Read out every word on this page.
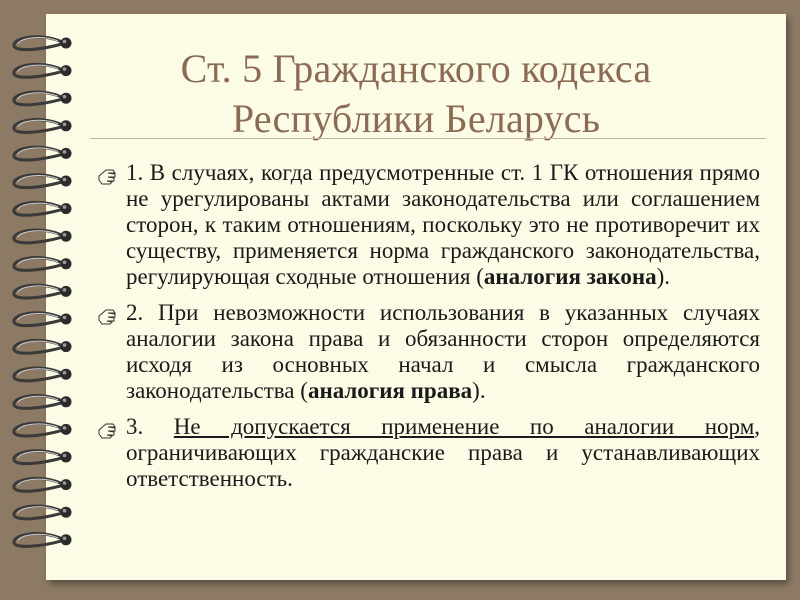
Ст. 5 Гражданского кодекса
Республики Беларусь
1. В случаях, когда предусмотренные ст. 1 ГК отношения прямо не урегулированы актами законодательства или соглашением сторон, к таким отношениям, поскольку это не противоречит их существу, применяется норма гражданского законодательства, регулирующая сходные отношения (аналогия закона).
2. При невозможности использования в указанных случаях аналогии закона права и обязанности сторон определяются исходя из основных начал и смысла гражданского законодательства (аналогия права).
3. Не допускается применение по аналогии норм, ограничивающих гражданские права и устанавливающих ответственность.
